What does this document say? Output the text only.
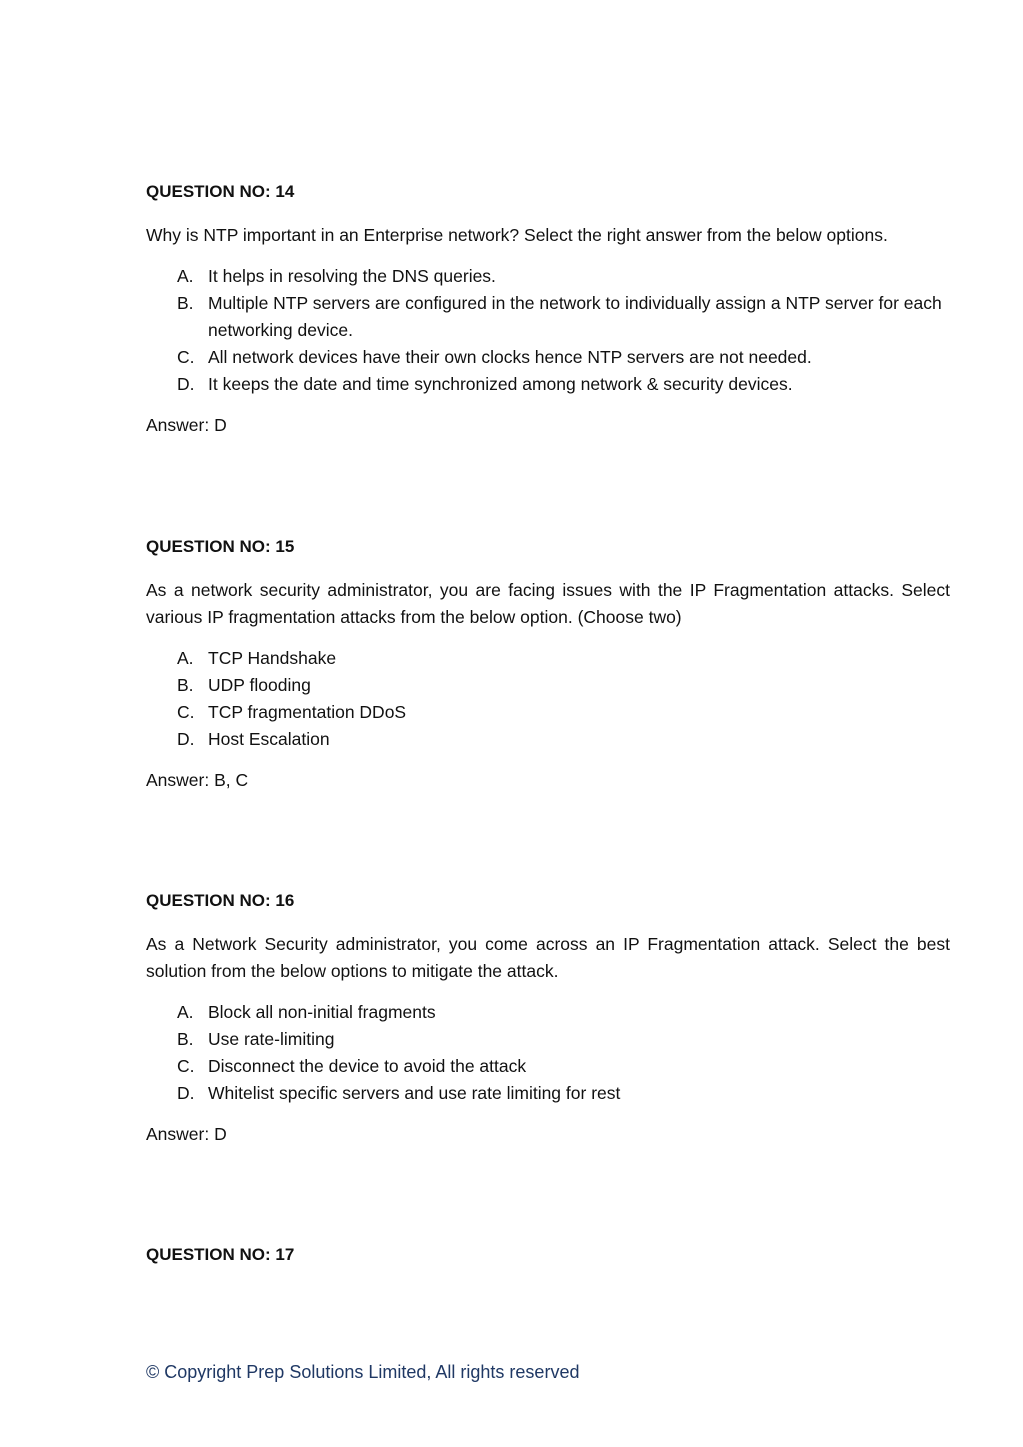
QUESTION NO: 14

Why is NTP important in an Enterprise network? Select the right answer from the below options.

A. It helps in resolving the DNS queries.
B. Multiple NTP servers are configured in the network to individually assign a NTP server for each networking device.
C. All network devices have their own clocks hence NTP servers are not needed.
D. It keeps the date and time synchronized among network & security devices.

Answer: D

QUESTION NO: 15

As a network security administrator, you are facing issues with the IP Fragmentation attacks. Select various IP fragmentation attacks from the below option. (Choose two)

A. TCP Handshake
B. UDP flooding
C. TCP fragmentation DDoS
D. Host Escalation

Answer: B, C

QUESTION NO: 16

As a Network Security administrator, you come across an IP Fragmentation attack. Select the best solution from the below options to mitigate the attack.

A. Block all non-initial fragments
B. Use rate-limiting
C. Disconnect the device to avoid the attack
D. Whitelist specific servers and use rate limiting for rest

Answer: D

QUESTION NO: 17

© Copyright Prep Solutions Limited, All rights reserved
